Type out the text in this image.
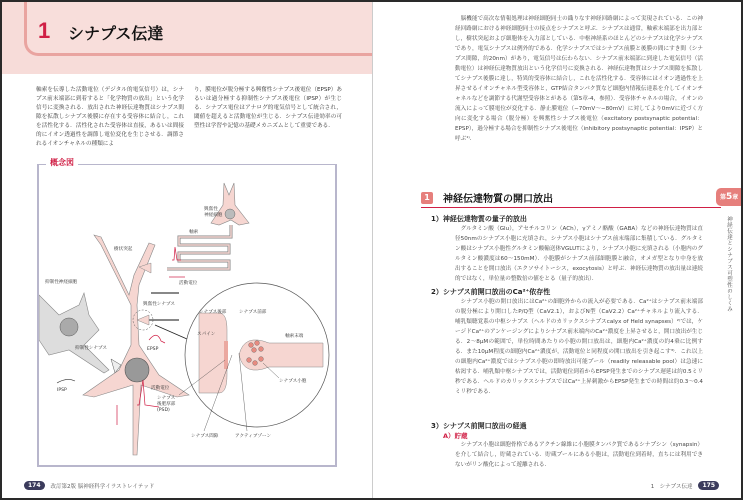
1 シナプス伝達
軸索を伝導した活動電位（デジタル的電気信号）は，シナプス前末端部に到着すると「化学物質の放出」という化学信号に変換される．放出された神経伝達物質はシナプス間隙を拡散しシナプス後膜に存在する受容体に結合し，これを活性化する．活性化された受容体は直接，あるいは間接的にイオン透過性を調節し電位変化を生じさせる．調節されるイオンチャネルの種類によ
り，膜電位が脱分極する興奮性シナプス後電位（EPSP）あるいは過分極する抑制性シナプス後電位（IPSP）が生じる．シナプス電位はアナログ的電気信号として統合され，閾値を超えると活動電位が生じる．シナプス伝達効率の可塑性は学習や記憶の基礎メカニズムとして重要である．
興奮性
神経細胞
軸索
樹状突起
活動電位
抑制性神経細胞
興奮性シナプス
EPSP
抑制性シナプス
IPSP	活動電位
シナプス後部	シナプス前部
軸索末端
スパイン
シナプス小胞
シナプス
後肥厚部
(PSD)
シナプス間隙	アクティブゾーン
概念図
174	改訂第2版 脳神経科学イラストレイテッド
脳機能で高次な情報処理は神経細胞同士の織りなす神経回路網によって実現されている．この神経回路網における神経細胞同士の接点をシナプスと呼ぶ．シナプスは通常，軸索末端部を出力部とし，樹状突起および細胞体を入力部としている．中枢神経系のほとんどのシナプスは化学シナプスであり，電気シナプスは例外的である．化学シナプスではシナプス前膜と後膜の間にすき間（シナプス間隙，約20nm）があり，電気信号は伝わらない．シナプス前末端部に到達した電気信号（活動電位）は神経伝達物質放出という化学信号に変換される．神経伝達物質はシナプス間隙を拡散してシナプス後膜に達し，特異的受容体に結合し，これを活性化する．受容体にはイオン透過性を上昇させるイオンチャネル型受容体と，GTP結合タンパク質など細胞内情報伝達系を介してイオンチャネルなどを調節する代謝型受容体とがある（第5章-4，参照）．受容体チャネルの場合，イオンの流入によって膜電位が変化する．静止膜電位（−70mV〜−80mV）に対してより0mVに近づく方向に変化する場合（脱分極）を興奮性シナプス後電位（excitatory postsynaptic potential：EPSP），過分極する場合を抑制性シナプス後電位（inhibitory postsynaptic potential：IPSP）と呼ぶ¹⁾．
1	神経伝達物質の開口放出	第5章
神経伝達とシナプス可塑性のしくみ
1）神経伝達物質の量子的放出
グルタミン酸（Glu），アセチルコリン（ACh），γアミノ酪酸（GABA）などの神経伝達物質は直径50nmのシナプス小胞に充填され，シナプス小胞はシナプス前末端部に集積している．グルタミン酸はシナプス小胞性グルタミン酸輸送体VGLUTにより，シナプス小胞に充填される（小胞内のグルタミン酸濃度は60〜150mM）．小胞膜がシナプス前部細胞膜と融合，オメガ型となり中身を放出することを開口放出（エクソサイトーシス，exocytosis）と呼ぶ．神経伝達物質の放出量は連続的ではなく，単位量の整数倍の値をとる（量子的放出）．
2）シナプス前開口放出のCa²⁺依存性
シナプス小胞の開口放出にはCa²⁺の細胞外からの流入が必要である．Ca²⁺はシナプス前末端部の脱分極により開口したP/Q型（CaV2.1），およびN型（CaV2.2）Ca²⁺チャネルより流入する．哺乳類聴覚系の中枢シナプス（ヘルドのカリックスシナプスcalyx of Held synapses）²⁾では，ケージドCa²⁺のアンケージングによりシナプス前末端内のCa²⁺濃度を上昇させると，開口放出が生じる．2〜8μMの範囲で，単位時間あたりの小胞の開口放出は，細胞内Ca²⁺濃度の約4乗に比例する．また10μM程度の細胞内Ca²⁺濃度が，活動電位と同程度の開口放出を引き起こす³⁾．これ以上の細胞内Ca²⁺濃度ではシナプス小胞の即時放出可能プール（readily releasable pool）は急速に枯渇する．哺乳類中枢シナプスでは，活動電位到着からEPSP発生までのシナプス遅延は約0.5ミリ秒である．ヘルドのカリックスシナプスではCa²⁺上昇刺激からEPSP発生までの時間は約0.3〜0.4ミリ秒である．
3）シナプス前開口放出の経過
A）貯蔵
シナプス小胞は細胞骨格であるアクチン線維に小胞膜タンパク質であるシナプシン（synapsin）を介して結合し，貯蔵されている．貯蔵プールにある小胞は，活動電位到着時，直ちには利用できないがリン酸化によって遊離される．
1　シナプス伝達	175
